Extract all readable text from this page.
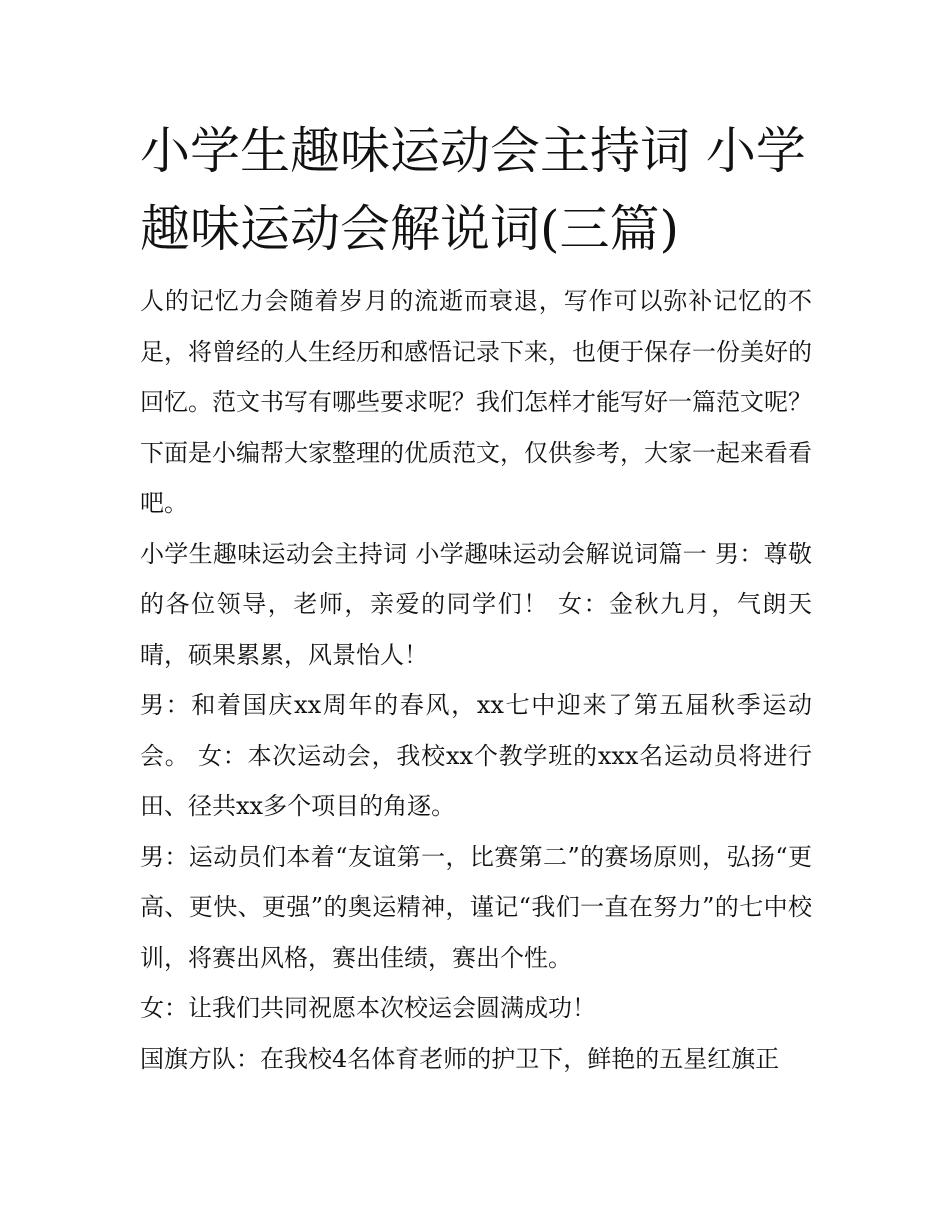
小学生趣味运动会主持词 小学趣味运动会解说词(三篇)

人的记忆力会随着岁月的流逝而衰退，写作可以弥补记忆的不足，将曾经的人生经历和感悟记录下来，也便于保存一份美好的回忆。范文书写有哪些要求呢？我们怎样才能写好一篇范文呢？下面是小编帮大家整理的优质范文，仅供参考，大家一起来看看吧。

小学生趣味运动会主持词 小学趣味运动会解说词篇一 男：尊敬的各位领导，老师，亲爱的同学们！ 女：金秋九月，气朗天晴，硕果累累，风景怡人！

男：和着国庆xx周年的春风，xx七中迎来了第五届秋季运动会。 女：本次运动会，我校xx个教学班的xxx名运动员将进行田、径共xx多个项目的角逐。

男：运动员们本着“友谊第一，比赛第二”的赛场原则，弘扬“更高、更快、更强”的奥运精神，谨记“我们一直在努力”的七中校训，将赛出风格，赛出佳绩，赛出个性。

女：让我们共同祝愿本次校运会圆满成功！

国旗方队：在我校4名体育老师的护卫下，鲜艳的五星红旗正
